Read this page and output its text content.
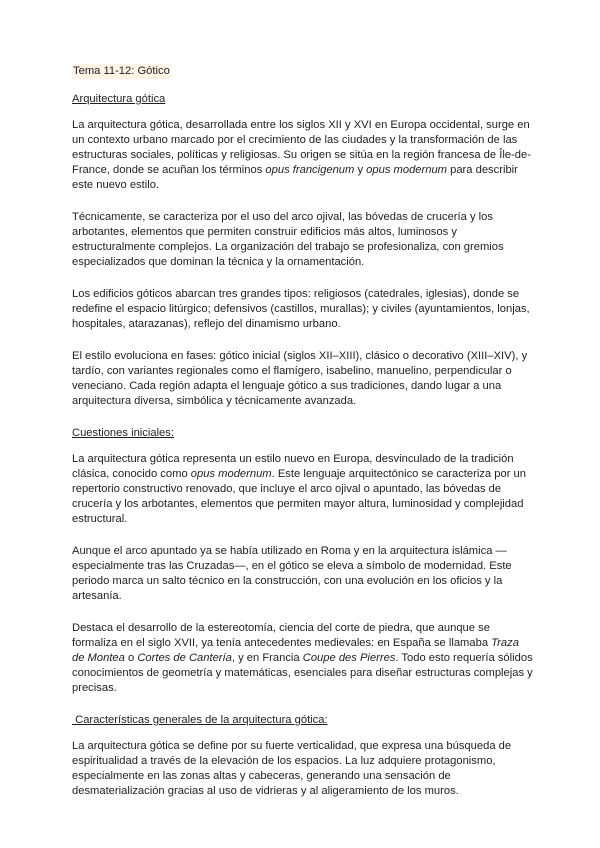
Tema 11-12: Gótico
Arquitectura gótica

La arquitectura gótica, desarrollada entre los siglos XII y XVI en Europa occidental, surge en un contexto urbano marcado por el crecimiento de las ciudades y la transformación de las estructuras sociales, políticas y religiosas. Su origen se sitúa en la región francesa de Île-de-France, donde se acuñan los términos opus francigenum y opus modernum para describir este nuevo estilo.

Técnicamente, se caracteriza por el uso del arco ojival, las bóvedas de crucería y los arbotantes, elementos que permiten construir edificios más altos, luminosos y estructuralmente complejos. La organización del trabajo se profesionaliza, con gremios especializados que dominan la técnica y la ornamentación.

Los edificios góticos abarcan tres grandes tipos: religiosos (catedrales, iglesias), donde se redefine el espacio litúrgico; defensivos (castillos, murallas); y civiles (ayuntamientos, lonjas, hospitales, atarazanas), reflejo del dinamismo urbano.

El estilo evoluciona en fases: gótico inicial (siglos XII–XIII), clásico o decorativo (XIII–XIV), y tardío, con variantes regionales como el flamígero, isabelino, manuelino, perpendicular o veneciano. Cada región adapta el lenguaje gótico a sus tradiciones, dando lugar a una arquitectura diversa, simbólica y técnicamente avanzada.

Cuestiones iniciales:

La arquitectura gótica representa un estilo nuevo en Europa, desvinculado de la tradición clásica, conocido como opus modernum. Este lenguaje arquitectónico se caracteriza por un repertorio constructivo renovado, que incluye el arco ojival o apuntado, las bóvedas de crucería y los arbotantes, elementos que permiten mayor altura, luminosidad y complejidad estructural.

Aunque el arco apuntado ya se había utilizado en Roma y en la arquitectura islámica —especialmente tras las Cruzadas—, en el gótico se eleva a símbolo de modernidad. Este periodo marca un salto técnico en la construcción, con una evolución en los oficios y la artesanía.

Destaca el desarrollo de la estereotomía, ciencia del corte de piedra, que aunque se formaliza en el siglo XVII, ya tenía antecedentes medievales: en España se llamaba Traza de Montea o Cortes de Cantería, y en Francia Coupe des Pierres. Todo esto requería sólidos conocimientos de geometría y matemáticas, esenciales para diseñar estructuras complejas y precisas.

Características generales de la arquitectura gótica:

La arquitectura gótica se define por su fuerte verticalidad, que expresa una búsqueda de espiritualidad a través de la elevación de los espacios. La luz adquiere protagonismo, especialmente en las zonas altas y cabeceras, generando una sensación de desmaterialización gracias al uso de vidrieras y al aligeramiento de los muros.
